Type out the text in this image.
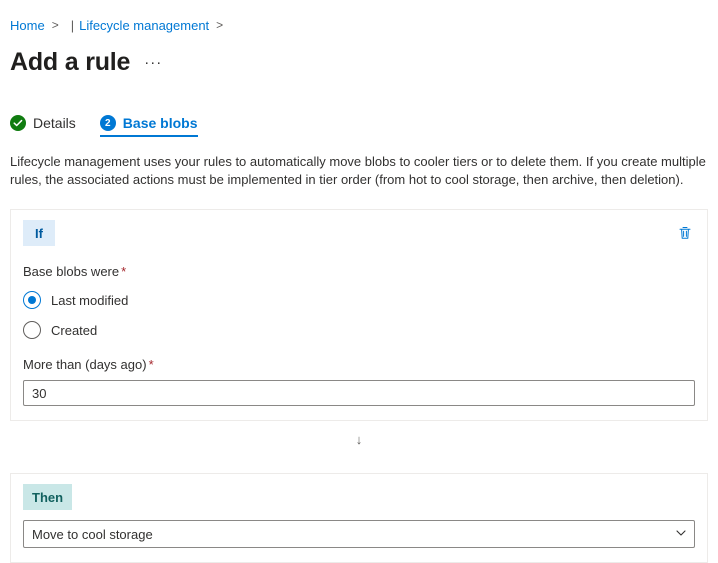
Home > | Lifecycle management >
Add a rule ···
Details	2 Base blobs
Lifecycle management uses your rules to automatically move blobs to cooler tiers or to delete them. If you create multiple rules, the associated actions must be implemented in tier order (from hot to cool storage, then archive, then deletion).
If
Base blobs were *
Last modified
Created
More than (days ago) *
30
↓
Then
Move to cool storage
